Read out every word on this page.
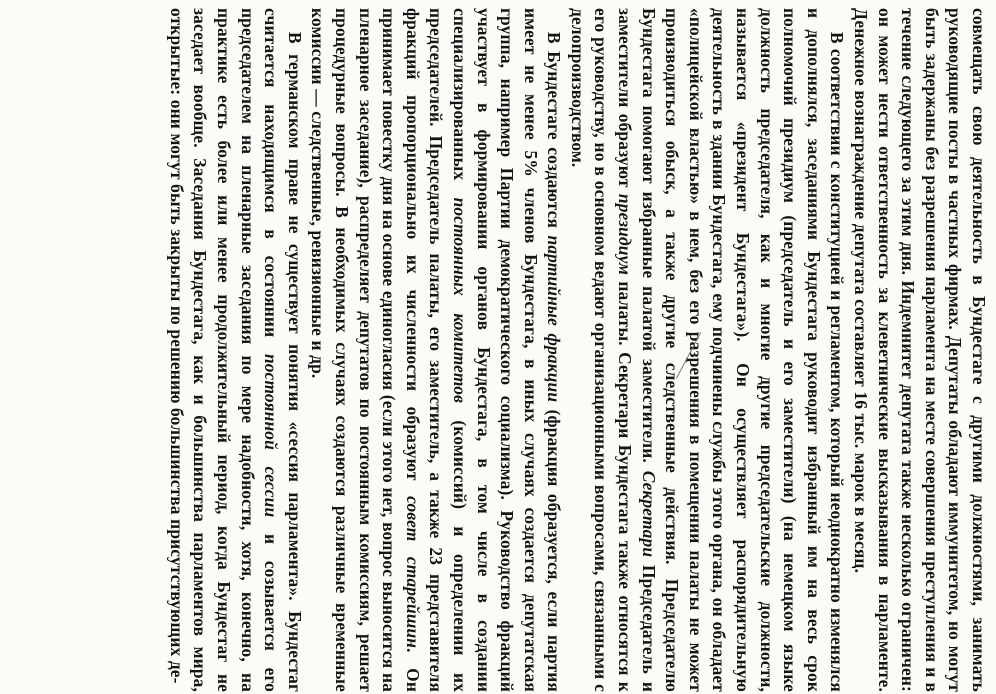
совмещать свою деятельность в Бундестаге с другими должностями, занимать руководящие посты в частных фирмах. Депутаты обладают иммунитетом, но могут быть задержаны без разрешения парламента на месте совершения преступления и в течение следующего за этим дня. Индемнитет депутата также несколько ограничен: он может нести ответственность за клеветнические высказывания в парламенте. Денежное вознаграждение депутата составляет 16 тыс. марок в месяц.

В соответствии с конституцией и регламентом, который неоднократно изменялся и дополнялся, заседаниями Бундестага руководит избранный им на весь срок полномочий президиум (председатель и его заместители) (на немецком языке должность председателя, как и многие другие председательские должности, называется «президент Бундестага»). Он осуществляет распорядительную деятельность в здании Бундестага, ему подчинены службы этого органа, он обладает «полицейской властью» в нем, без его разрешения в помещении палаты не может производиться обыск, а также другие следственные действия. Председателю Бундестага помогают избранные палатой заместители. Секретари Председатель и заместители образуют президиум палаты. Секретари Бундестага также относятся к его руководству, но в основном ведают организационными вопросами, связанными с делопроизводством.

В Бундестаге создаются партийные фракции (фракция образуется, если партия имеет не менее 5% членов Бундестага, в иных случаях создается депутатская группа, например Партии демократического социализма). Руководство фракций участвует в формировании органов Бундестага, в том числе в создании специализированных постоянных комитетов (комиссий) и определении их председателей. Председатель палаты, его заместитель, а также 23 представителя фракций пропорционально их численности образуют совет старейшин. Он принимает повестку дня на основе единогласия (если этого нет, вопрос выносится на пленарное заседание), распределяет депутатов по постоянным комиссиям, решает процедурные вопросы. В необходимых случаях создаются различные временные комиссии — следственные, ревизионные и др.

В германском праве не существует понятия «сессия парламента». Бундестаг считается находящимся в состоянии постоянной сессии и созывается его председателем на пленарные заседания по мере надобности, хотя, конечно, на практике есть более или менее продолжительный период, когда Бундестаг не заседает вообще. Заседания Бундестага, как и большинства парламентов мира, открытые: они могут быть закрыты по решению большинства присутствующих де-
